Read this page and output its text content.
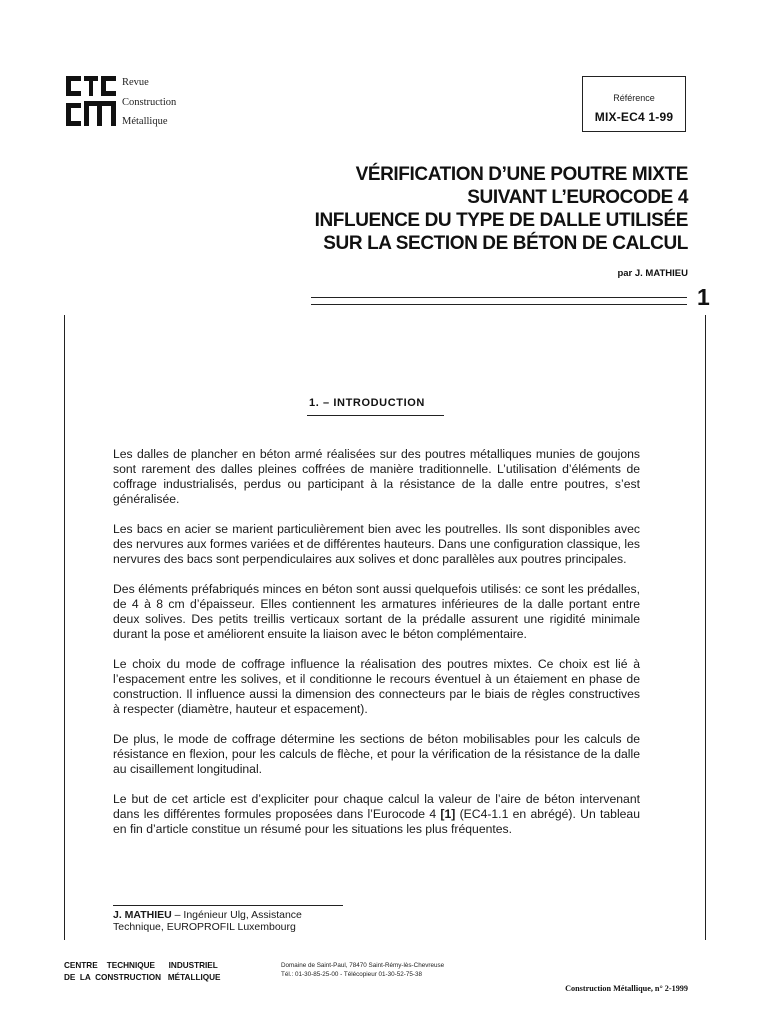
Revue
Construction
Métallique
Référence
MIX-EC4 1-99
VÉRIFICATION D’UNE POUTRE MIXTE
SUIVANT L’EUROCODE 4
INFLUENCE DU TYPE DE DALLE UTILISÉE
SUR LA SECTION DE BÉTON DE CALCUL
par J. MATHIEU
1
1. – INTRODUCTION

Les dalles de plancher en béton armé réalisées sur des poutres métalliques munies de goujons sont rarement des dalles pleines coffrées de manière traditionnelle. L’utilisation d’éléments de coffrage industrialisés, perdus ou participant à la résistance de la dalle entre poutres, s’est généralisée.

Les bacs en acier se marient particulièrement bien avec les poutrelles. Ils sont disponibles avec des nervures aux formes variées et de différentes hauteurs. Dans une configuration classique, les nervures des bacs sont perpendiculaires aux solives et donc parallèles aux poutres principales.

Des éléments préfabriqués minces en béton sont aussi quelquefois utilisés: ce sont les prédalles, de 4 à 8 cm d’épaisseur. Elles contiennent les armatures inférieures de la dalle portant entre deux solives. Des petits treillis verticaux sortant de la prédalle assurent une rigidité minimale durant la pose et améliorent ensuite la liaison avec le béton complémentaire.

Le choix du mode de coffrage influence la réalisation des poutres mixtes. Ce choix est lié à l’espacement entre les solives, et il conditionne le recours éventuel à un étaiement en phase de construction. Il influence aussi la dimension des connecteurs par le biais de règles constructives à respecter (diamètre, hauteur et espacement).

De plus, le mode de coffrage détermine les sections de béton mobilisables pour les calculs de résistance en flexion, pour les calculs de flèche, et pour la vérification de la résistance de la dalle au cisaillement longitudinal.

Le but de cet article est d’expliciter pour chaque calcul la valeur de l’aire de béton intervenant dans les différentes formules proposées dans l’Eurocode 4 [1] (EC4-1.1 en abrégé). Un tableau en fin d’article constitue un résumé pour les situations les plus fréquentes.

J. MATHIEU – Ingénieur Ulg, Assistance
Technique, EUROPROFIL Luxembourg
CENTRE    TECHNIQUE      INDUSTRIEL
DE  LA  CONSTRUCTION   MÉTALLIQUE
Domaine de Saint-Paul, 78470 Saint-Rémy-lès-Chevreuse
Tél.: 01-30-85-25-00 - Télécopieur 01-30-52-75-38
Construction Métallique, n° 2-1999
